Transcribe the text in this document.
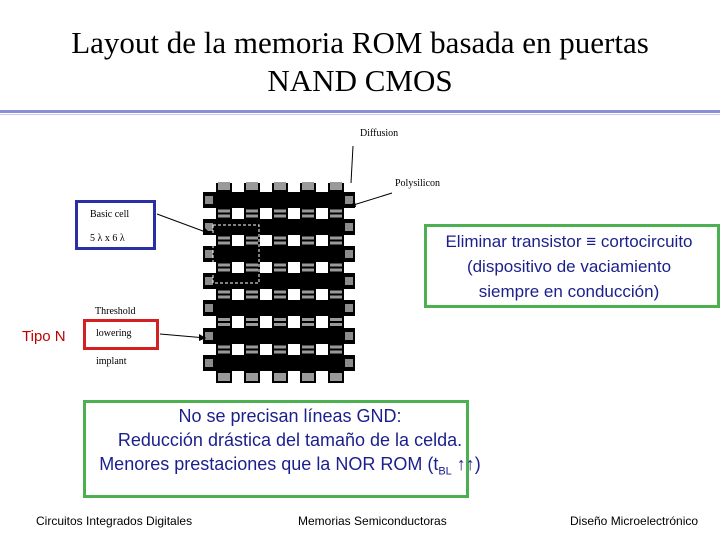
Layout de la memoria ROM basada en puertas
NAND CMOS
Diffusion
Polysilicon
Basic cell
5 λ x 6 λ
Threshold
lowering
implant
Tipo N
Eliminar transistor ≡ cortocircuito
(dispositivo de vaciamiento
siempre en conducción)
No se precisan líneas GND:
Reducción drástica del tamaño de la celda.
Menores prestaciones que la NOR ROM ($t_{BL}$ ↑↑)
Circuitos Integrados Digitales	Memorias Semiconductoras	Diseño Microelectrónico
